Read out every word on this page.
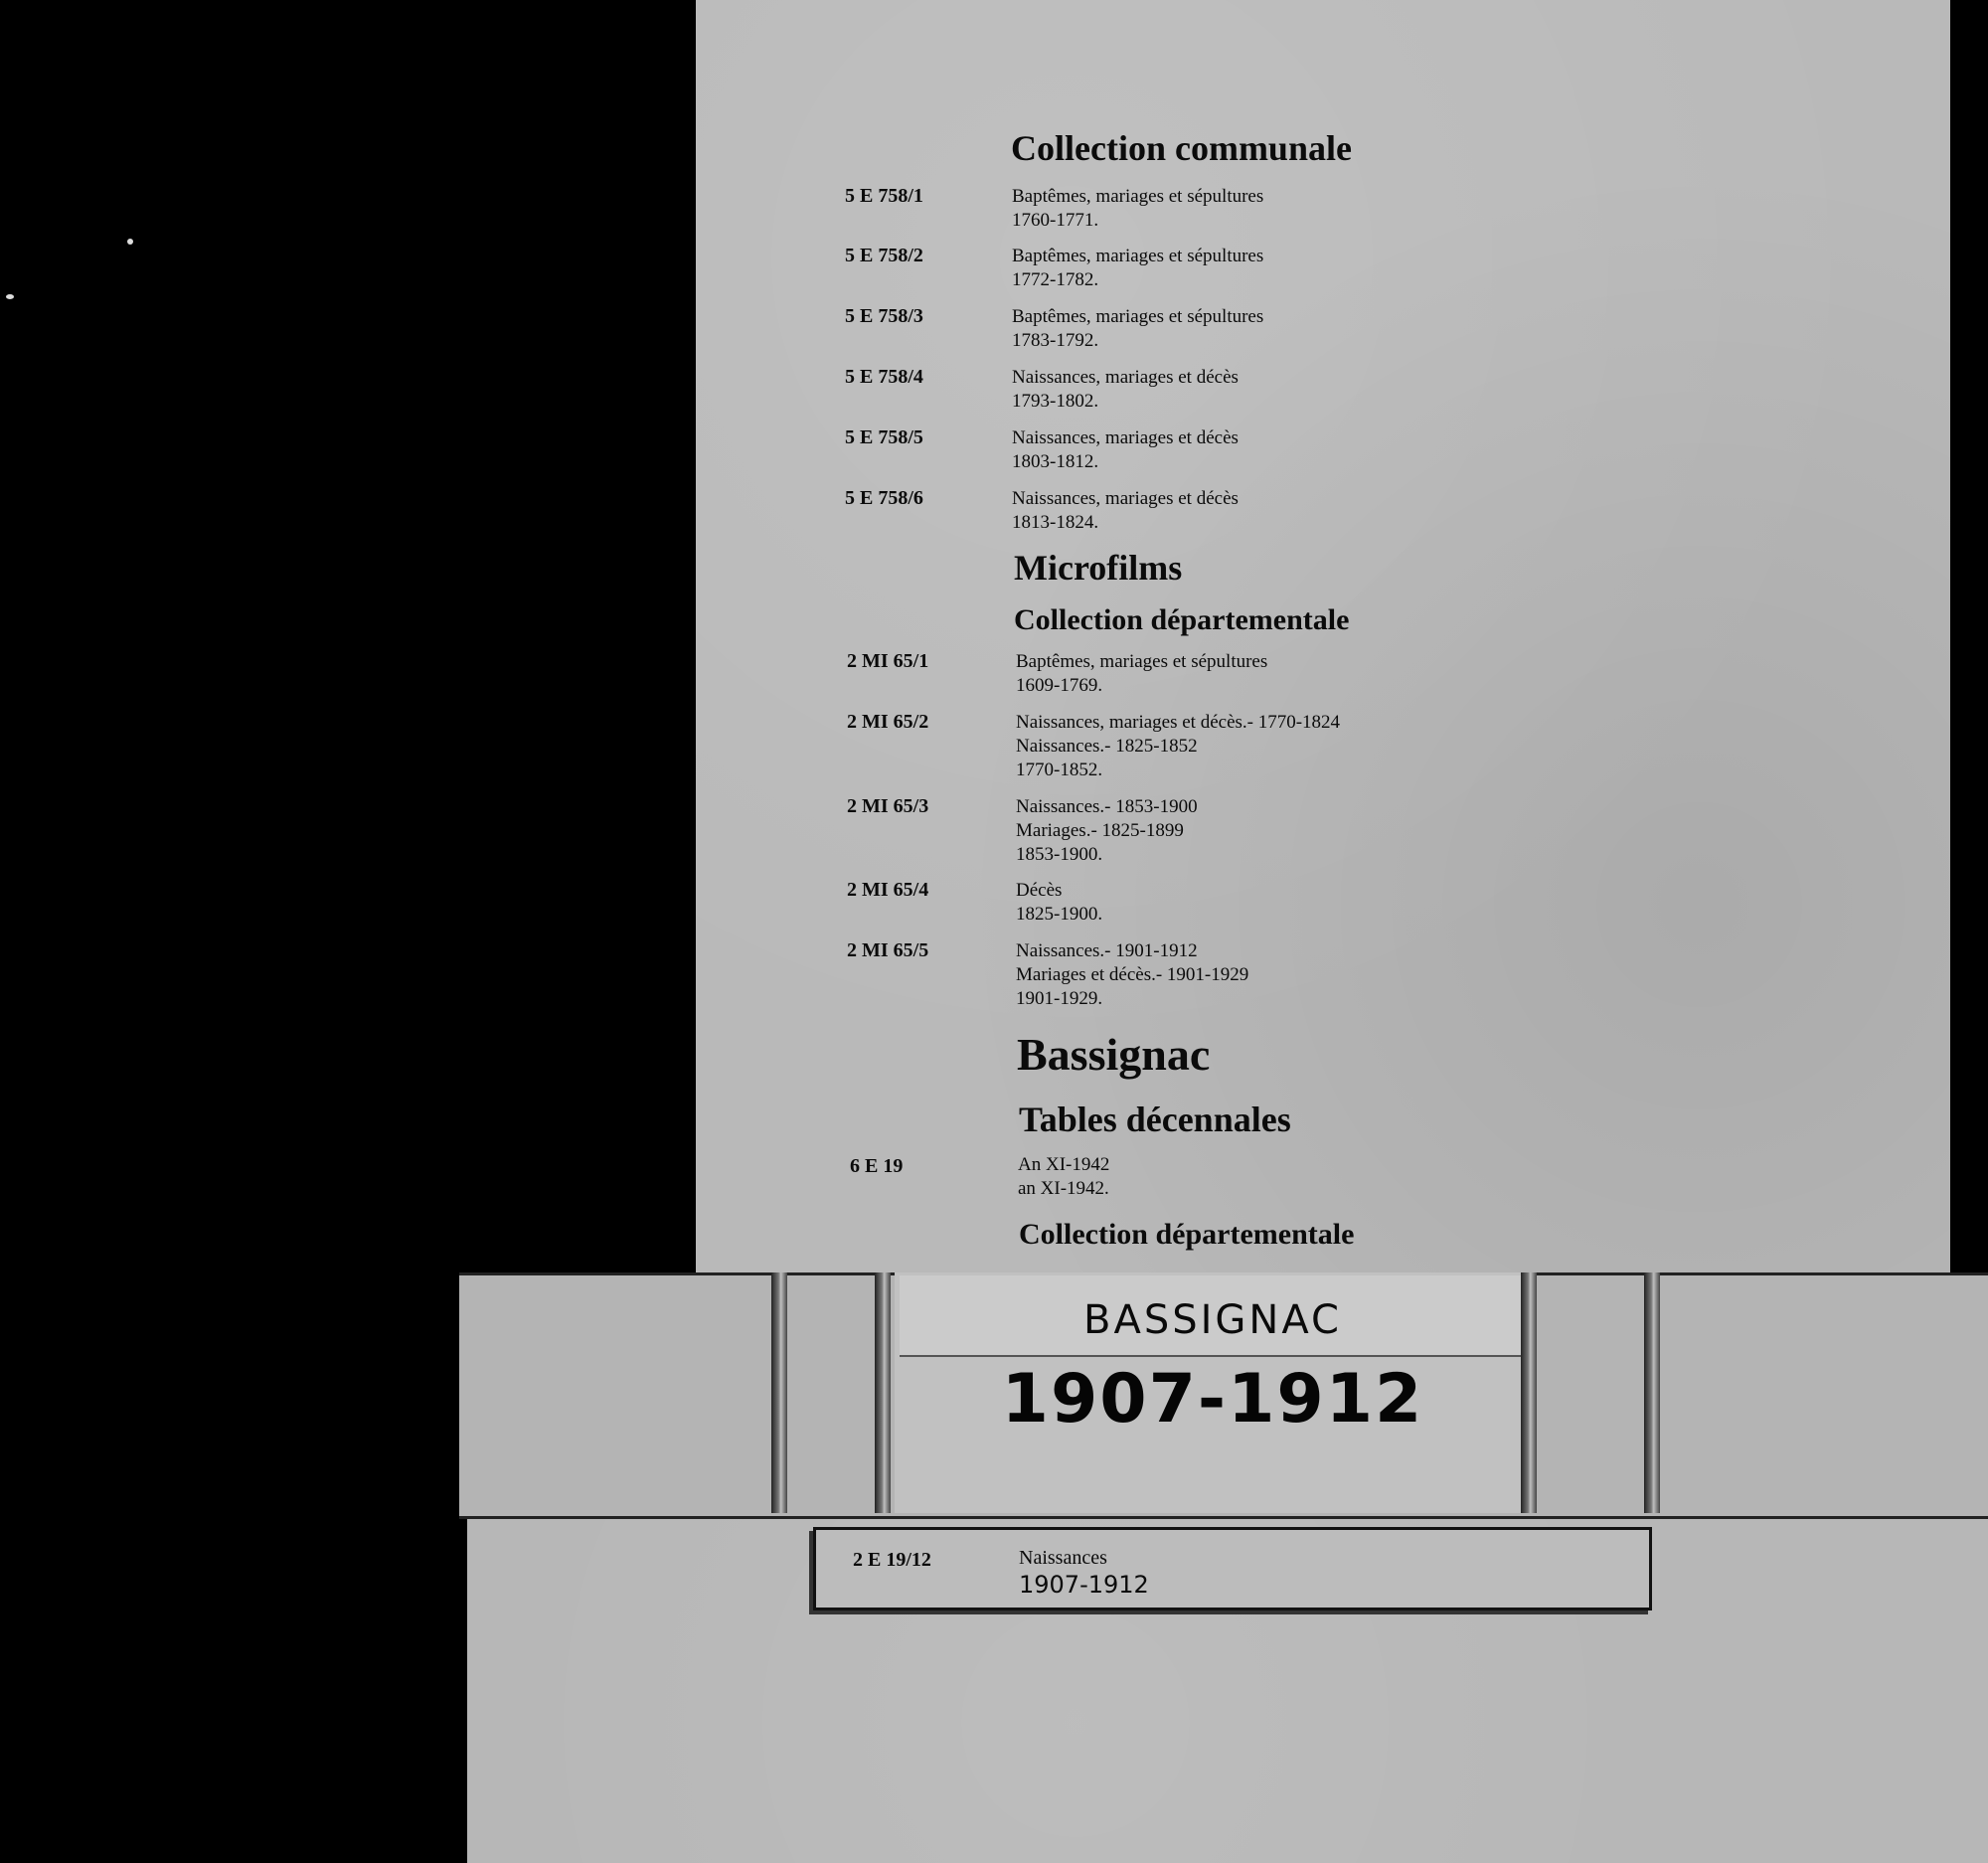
Collection communale
5 E 758/1	Baptêmes, mariages et sépultures
1760-1771.
5 E 758/2	Baptêmes, mariages et sépultures
1772-1782.
5 E 758/3	Baptêmes, mariages et sépultures
1783-1792.
5 E 758/4	Naissances, mariages et décès
1793-1802.
5 E 758/5	Naissances, mariages et décès
1803-1812.
5 E 758/6	Naissances, mariages et décès
1813-1824.
Microfilms
Collection départementale
2 MI 65/1	Baptêmes, mariages et sépultures
1609-1769.
2 MI 65/2	Naissances, mariages et décès.- 1770-1824
Naissances.- 1825-1852
1770-1852.
2 MI 65/3	Naissances.- 1853-1900
Mariages.- 1825-1899
1853-1900.
2 MI 65/4	Décès
1825-1900.
2 MI 65/5	Naissances.- 1901-1912
Mariages et décès.- 1901-1929
1901-1929.
Bassignac
Tables décennales
6 E 19	An XI-1942
an XI-1942.
Collection départementale
BASSIGNAC
1907-1912
2 E 19/12	Naissances
1907-1912
